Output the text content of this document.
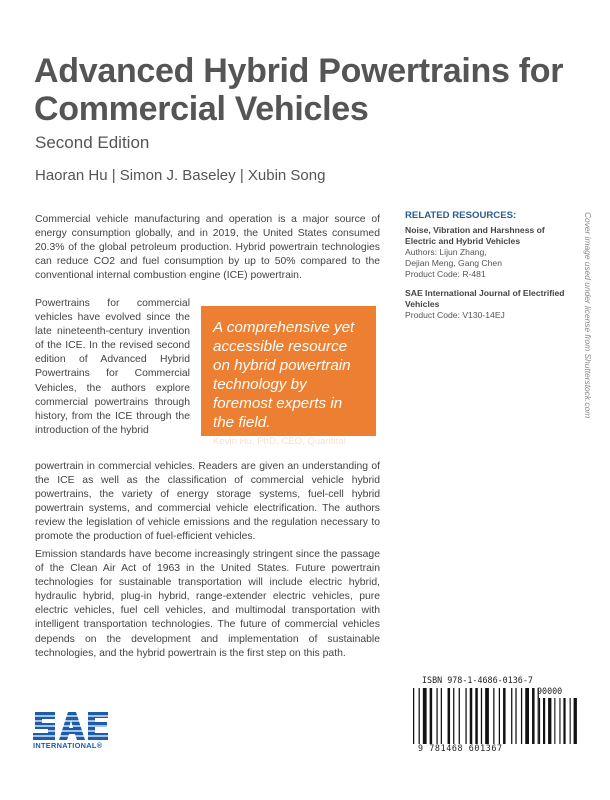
Advanced Hybrid Powertrains for Commercial Vehicles
Second Edition
Haoran Hu | Simon J. Baseley | Xubin Song
Commercial vehicle manufacturing and operation is a major source of energy consumption globally, and in 2019, the United States consumed 20.3% of the global petroleum production. Hybrid powertrain technologies can reduce CO2 and fuel consumption by up to 50% compared to the conventional internal combustion engine (ICE) powertrain.
Powertrains for commercial vehicles have evolved since the late nineteenth-century invention of the ICE. In the revised second edition of Advanced Hybrid Powertrains for Commercial Vehicles, the authors explore commercial powertrains through history, from the ICE through the introduction of the hybrid
powertrain in commercial vehicles. Readers are given an understanding of the ICE as well as the classification of commercial vehicle hybrid powertrains, the variety of energy storage systems, fuel-cell hybrid powertrain systems, and commercial vehicle electrification. The authors review the legislation of vehicle emissions and the regulation necessary to promote the production of fuel-efficient vehicles.
Emission standards have become increasingly stringent since the passage of the Clean Air Act of 1963 in the United States. Future powertrain technologies for sustainable transportation will include electric hybrid, hydraulic hybrid, plug-in hybrid, range-extender electric vehicles, pure electric vehicles, fuel cell vehicles, and multimodal transportation with intelligent transportation technologies. The future of commercial vehicles depends on the development and implementation of sustainable technologies, and the hybrid powertrain is the first step on this path.
A comprehensive yet accessible resource on hybrid powertrain technology by foremost experts in the field.
Kevin Hu, PhD, CEO, Quantifai
RELATED RESOURCES:
Noise, Vibration and Harshness of Electric and Hybrid Vehicles
Authors: Lijun Zhang,
Dejian Meng, Gang Chen
Product Code: R-481
SAE International Journal of Electrified Vehicles
Product Code: V130-14EJ	Cover image used under license from Shutterstock.com
INTERNATIONAL®
ISBN 978-1-4686-0136-7
90000
9 781468 601367
